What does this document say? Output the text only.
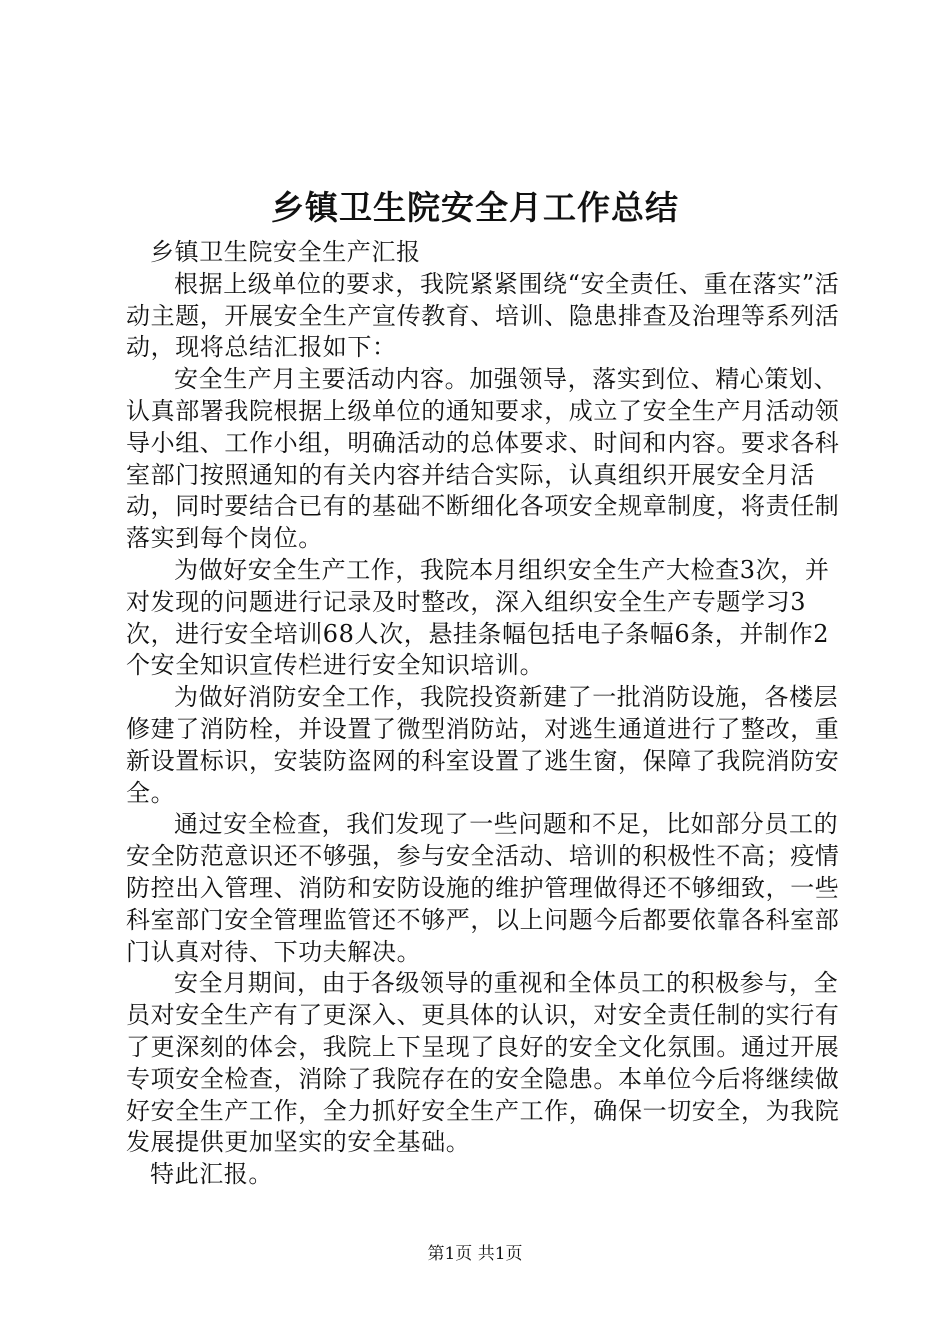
乡镇卫生院安全月工作总结

乡镇卫生院安全生产汇报

根据上级单位的要求，我院紧紧围绕“安全责任、重在落实”活动主题，开展安全生产宣传教育、培训、隐患排查及治理等系列活动，现将总结汇报如下：

安全生产月主要活动内容。加强领导，落实到位、精心策划、认真部署我院根据上级单位的通知要求，成立了安全生产月活动领导小组、工作小组，明确活动的总体要求、时间和内容。要求各科室部门按照通知的有关内容并结合实际，认真组织开展安全月活动，同时要结合已有的基础不断细化各项安全规章制度，将责任制落实到每个岗位。

为做好安全生产工作，我院本月组织安全生产大检查3次，并对发现的问题进行记录及时整改，深入组织安全生产专题学习3次，进行安全培训68人次，悬挂条幅包括电子条幅6条，并制作2个安全知识宣传栏进行安全知识培训。

为做好消防安全工作，我院投资新建了一批消防设施，各楼层修建了消防栓，并设置了微型消防站，对逃生通道进行了整改，重新设置标识，安装防盗网的科室设置了逃生窗，保障了我院消防安全。

通过安全检查，我们发现了一些问题和不足，比如部分员工的安全防范意识还不够强，参与安全活动、培训的积极性不高；疫情防控出入管理、消防和安防设施的维护管理做得还不够细致，一些科室部门安全管理监管还不够严，以上问题今后都要依靠各科室部门认真对待、下功夫解决。

安全月期间，由于各级领导的重视和全体员工的积极参与，全员对安全生产有了更深入、更具体的认识，对安全责任制的实行有了更深刻的体会，我院上下呈现了良好的安全文化氛围。通过开展专项安全检查，消除了我院存在的安全隐患。本单位今后将继续做好安全生产工作，全力抓好安全生产工作，确保一切安全，为我院发展提供更加坚实的安全基础。

特此汇报。

第1页 共1页
